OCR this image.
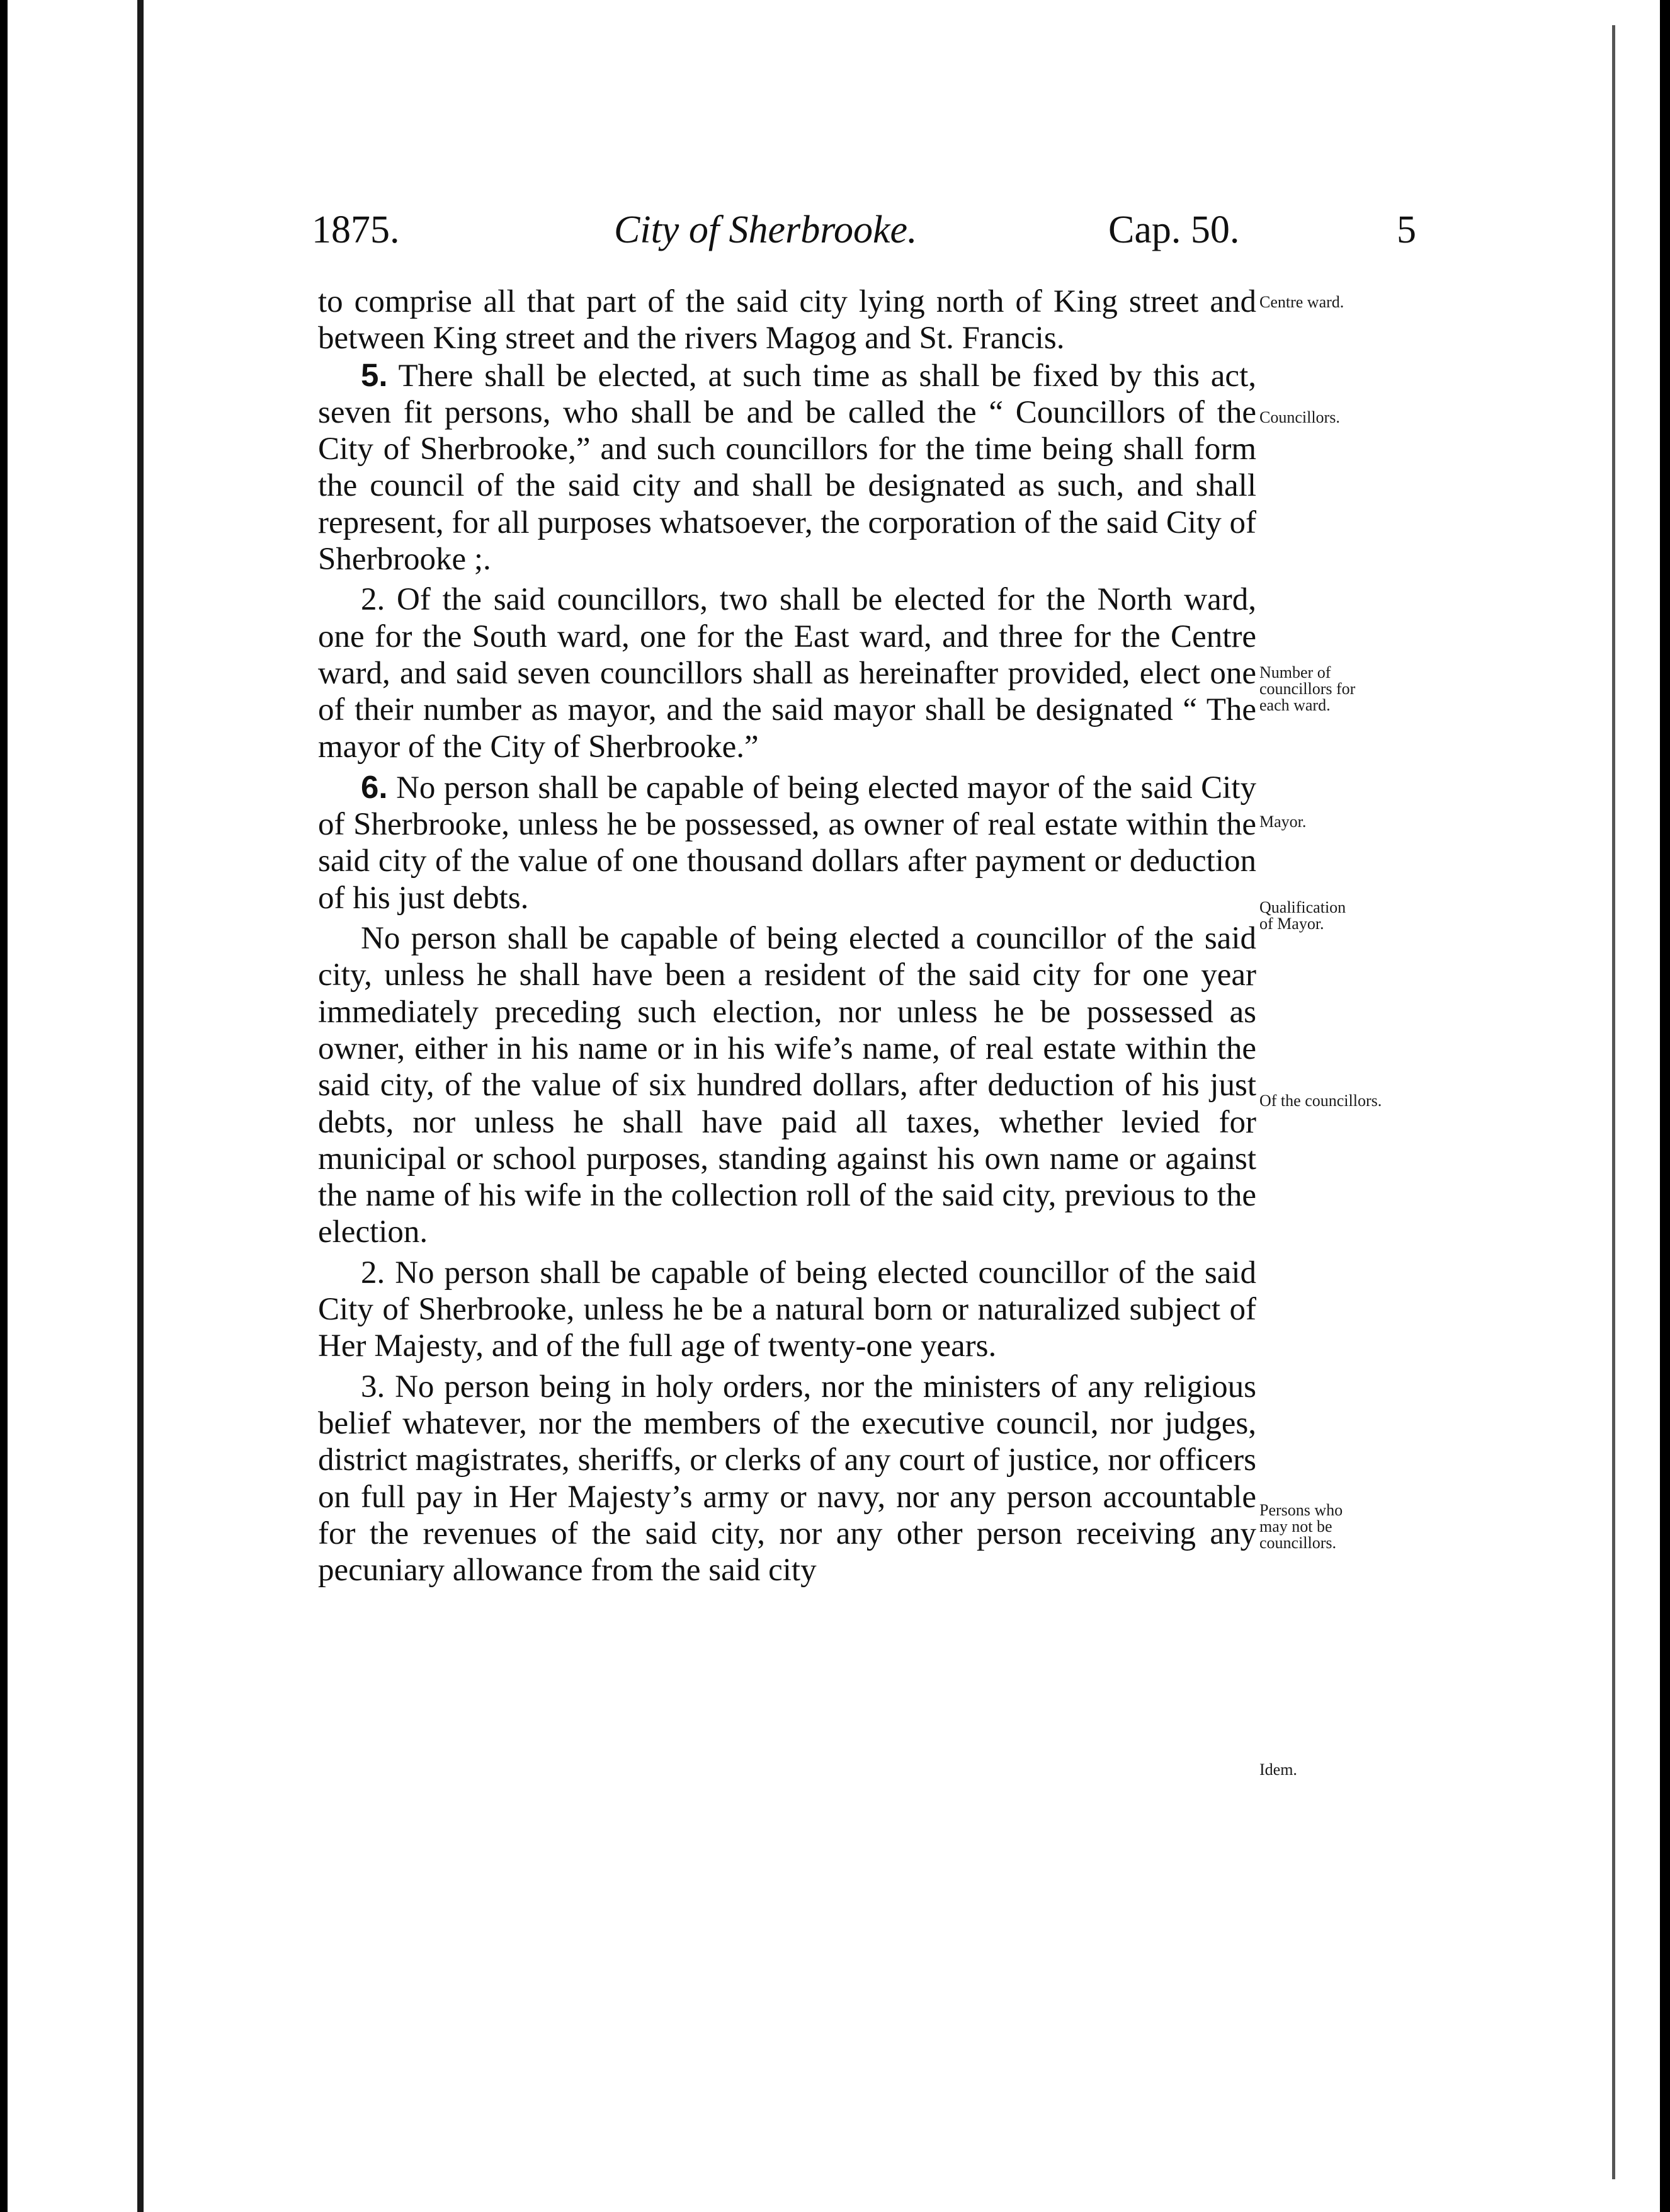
1875.	City of Sherbrooke.	Cap. 50.	5

to comprise all that part of the said city lying north of King street and between King street and the rivers Magog and St. Francis.

5. There shall be elected, at such time as shall be fixed by this act, seven fit persons, who shall be and be called the “ Councillors of the City of Sherbrooke,” and such councillors for the time being shall form the council of the said city and shall be designated as such, and shall represent, for all purposes whatsoever, the corporation of the said City of Sherbrooke ;.

2. Of the said councillors, two shall be elected for the North ward, one for the South ward, one for the East ward, and three for the Centre ward, and said seven councillors shall as hereinafter provided, elect one of their number as mayor, and the said mayor shall be designated “ The mayor of the City of Sherbrooke.”

6. No person shall be capable of being elected mayor of the said City of Sherbrooke, unless he be possessed, as owner of real estate within the said city of the value of one thousand dollars after payment or deduction of his just debts.

No person shall be capable of being elected a councillor of the said city, unless he shall have been a resident of the said city for one year immediately preceding such election, nor unless he be possessed as owner, either in his name or in his wife’s name, of real estate within the said city, of the value of six hundred dollars, after deduction of his just debts, nor unless he shall have paid all taxes, whether levied for municipal or school purposes, standing against his own name or against the name of his wife in the collection roll of the said city, previous to the election.

2. No person shall be capable of being elected councillor of the said City of Sherbrooke, unless he be a natural born or naturalized subject of Her Majesty, and of the full age of twenty-one years.

3. No person being in holy orders, nor the ministers of any religious belief whatever, nor the members of the executive council, nor judges, district magistrates, sheriffs, or clerks of any court of justice, nor officers on full pay in Her Majesty’s army or navy, nor any person accountable for the revenues of the said city, nor any other person receiving any pecuniary allowance from the said city

Centre ward.
Councillors.
Number of
councillors for
each ward.
Mayor.
Qualification
of Mayor.
Of the councillors.
Persons who
may not be
councillors.
Idem.
